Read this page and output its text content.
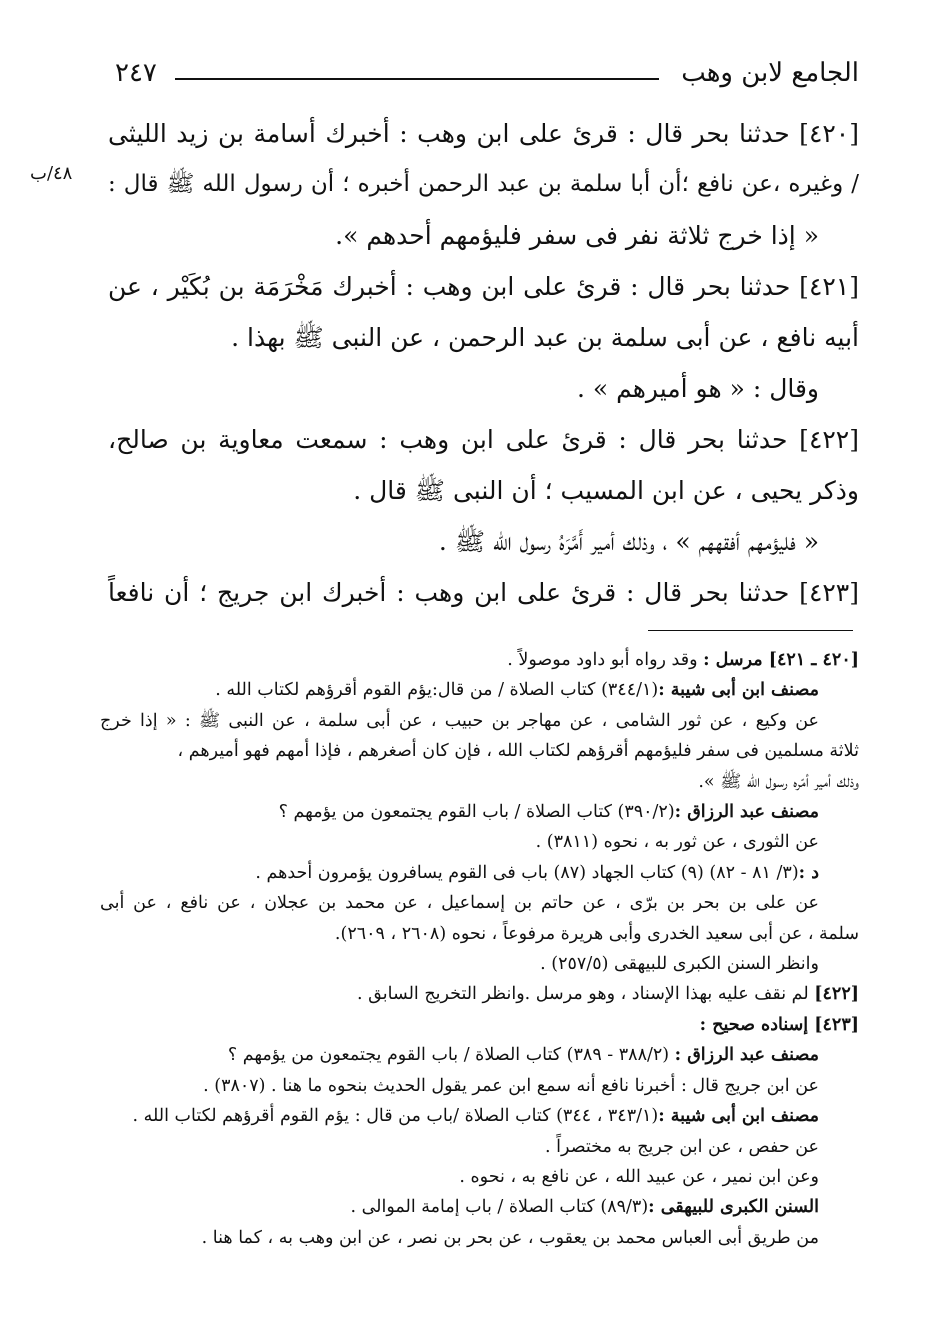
٢٤٧	الجامع لابن وهب
٤٨/ب
[٤٢٠] حدثنا بحر قال : قرئ على ابن وهب : أخبرك أسامة بن زيد الليثى
/ وغيره ،عن نافع ؛أن أبا سلمة بن عبد الرحمن أخبره ؛ أن رسول الله ﷺ قال :
« إذا خرج ثلاثة نفر فى سفر فليؤمهم أحدهم ».
[٤٢١] حدثنا بحر قال : قرئ على ابن وهب : أخبرك مَخْرَمَة بن بُكَيْر ، عن
أبيه نافع ، عن أبى سلمة بن عبد الرحمن ، عن النبى ﷺ بهذا .
وقال : « هو أميرهم » .
[٤٢٢] حدثنا بحر قال : قرئ على ابن وهب : سمعت معاوية بن صالح،
وذكر يحيى ، عن ابن المسيب ؛ أن النبى ﷺ قال .
« فليؤمهم أفقههم » ، وذلك أمير أَمَّرَهُ رسول الله ﷺ .
[٤٢٣] حدثنا بحر قال : قرئ على ابن وهب : أخبرك ابن جريج ؛ أن نافعاً
[٤٢٠ ـ ٤٢١] مرسل : وقد رواه أبو داود موصولاً .
مصنف ابن أبى شيبة :(٣٤٤/١) كتاب الصلاة / من قال:يؤم القوم أقرؤهم لكتاب الله .
عن وكيع ، عن ثور الشامى ، عن مهاجر بن حبيب ، عن أبى سلمة ، عن النبى ﷺ : « إذا خرج
ثلاثة مسلمين فى سفر فليؤمهم أقرؤهم لكتاب الله ، فإن كان أصغرهم ، فإذا أمهم فهو أميرهم ،
وذلك أمير أمّره رسول الله ﷺ ».
مصنف عبد الرزاق :(٣٩٠/٢) كتاب الصلاة / باب القوم يجتمعون من يؤمهم ؟
عن الثورى ، عن ثور به ، نحوه (٣٨١١) .
د :(٣/ ٨١ - ٨٢) (٩) كتاب الجهاد (٨٧) باب فى القوم يسافرون يؤمرون أحدهم .
عن على بن بحر بن برّى ، عن حاتم بن إسماعيل ، عن محمد بن عجلان ، عن نافع ، عن أبى
سلمة ، عن أبى سعيد الخدرى وأبى هريرة مرفوعاً ، نحوه (٢٦٠٨ ، ٢٦٠٩).
وانظر السنن الكبرى للبيهقى (٢٥٧/٥) .
[٤٢٢] لم نقف عليه بهذا الإسناد ، وهو مرسل .وانظر التخريج السابق .
[٤٢٣] إسناده صحيح :
مصنف عبد الرزاق : (٣٨٨/٢ - ٣٨٩) كتاب الصلاة / باب القوم يجتمعون من يؤمهم ؟
عن ابن جريج قال : أخبرنا نافع أنه سمع ابن عمر يقول الحديث بنحوه ما هنا . (٣٨٠٧) .
مصنف ابن أبى شيبة :(٣٤٣/١ ، ٣٤٤) كتاب الصلاة /باب من قال : يؤم القوم أقرؤهم لكتاب الله .
عن حفص ، عن ابن جريج به مختصراً .
وعن ابن نمير ، عن عبيد الله ، عن نافع به ، نحوه .
السنن الكبرى للبيهقى :(٨٩/٣) كتاب الصلاة / باب إمامة الموالى .
من طريق أبى العباس محمد بن يعقوب ، عن بحر بن نصر ، عن ابن وهب به ، كما هنا .
